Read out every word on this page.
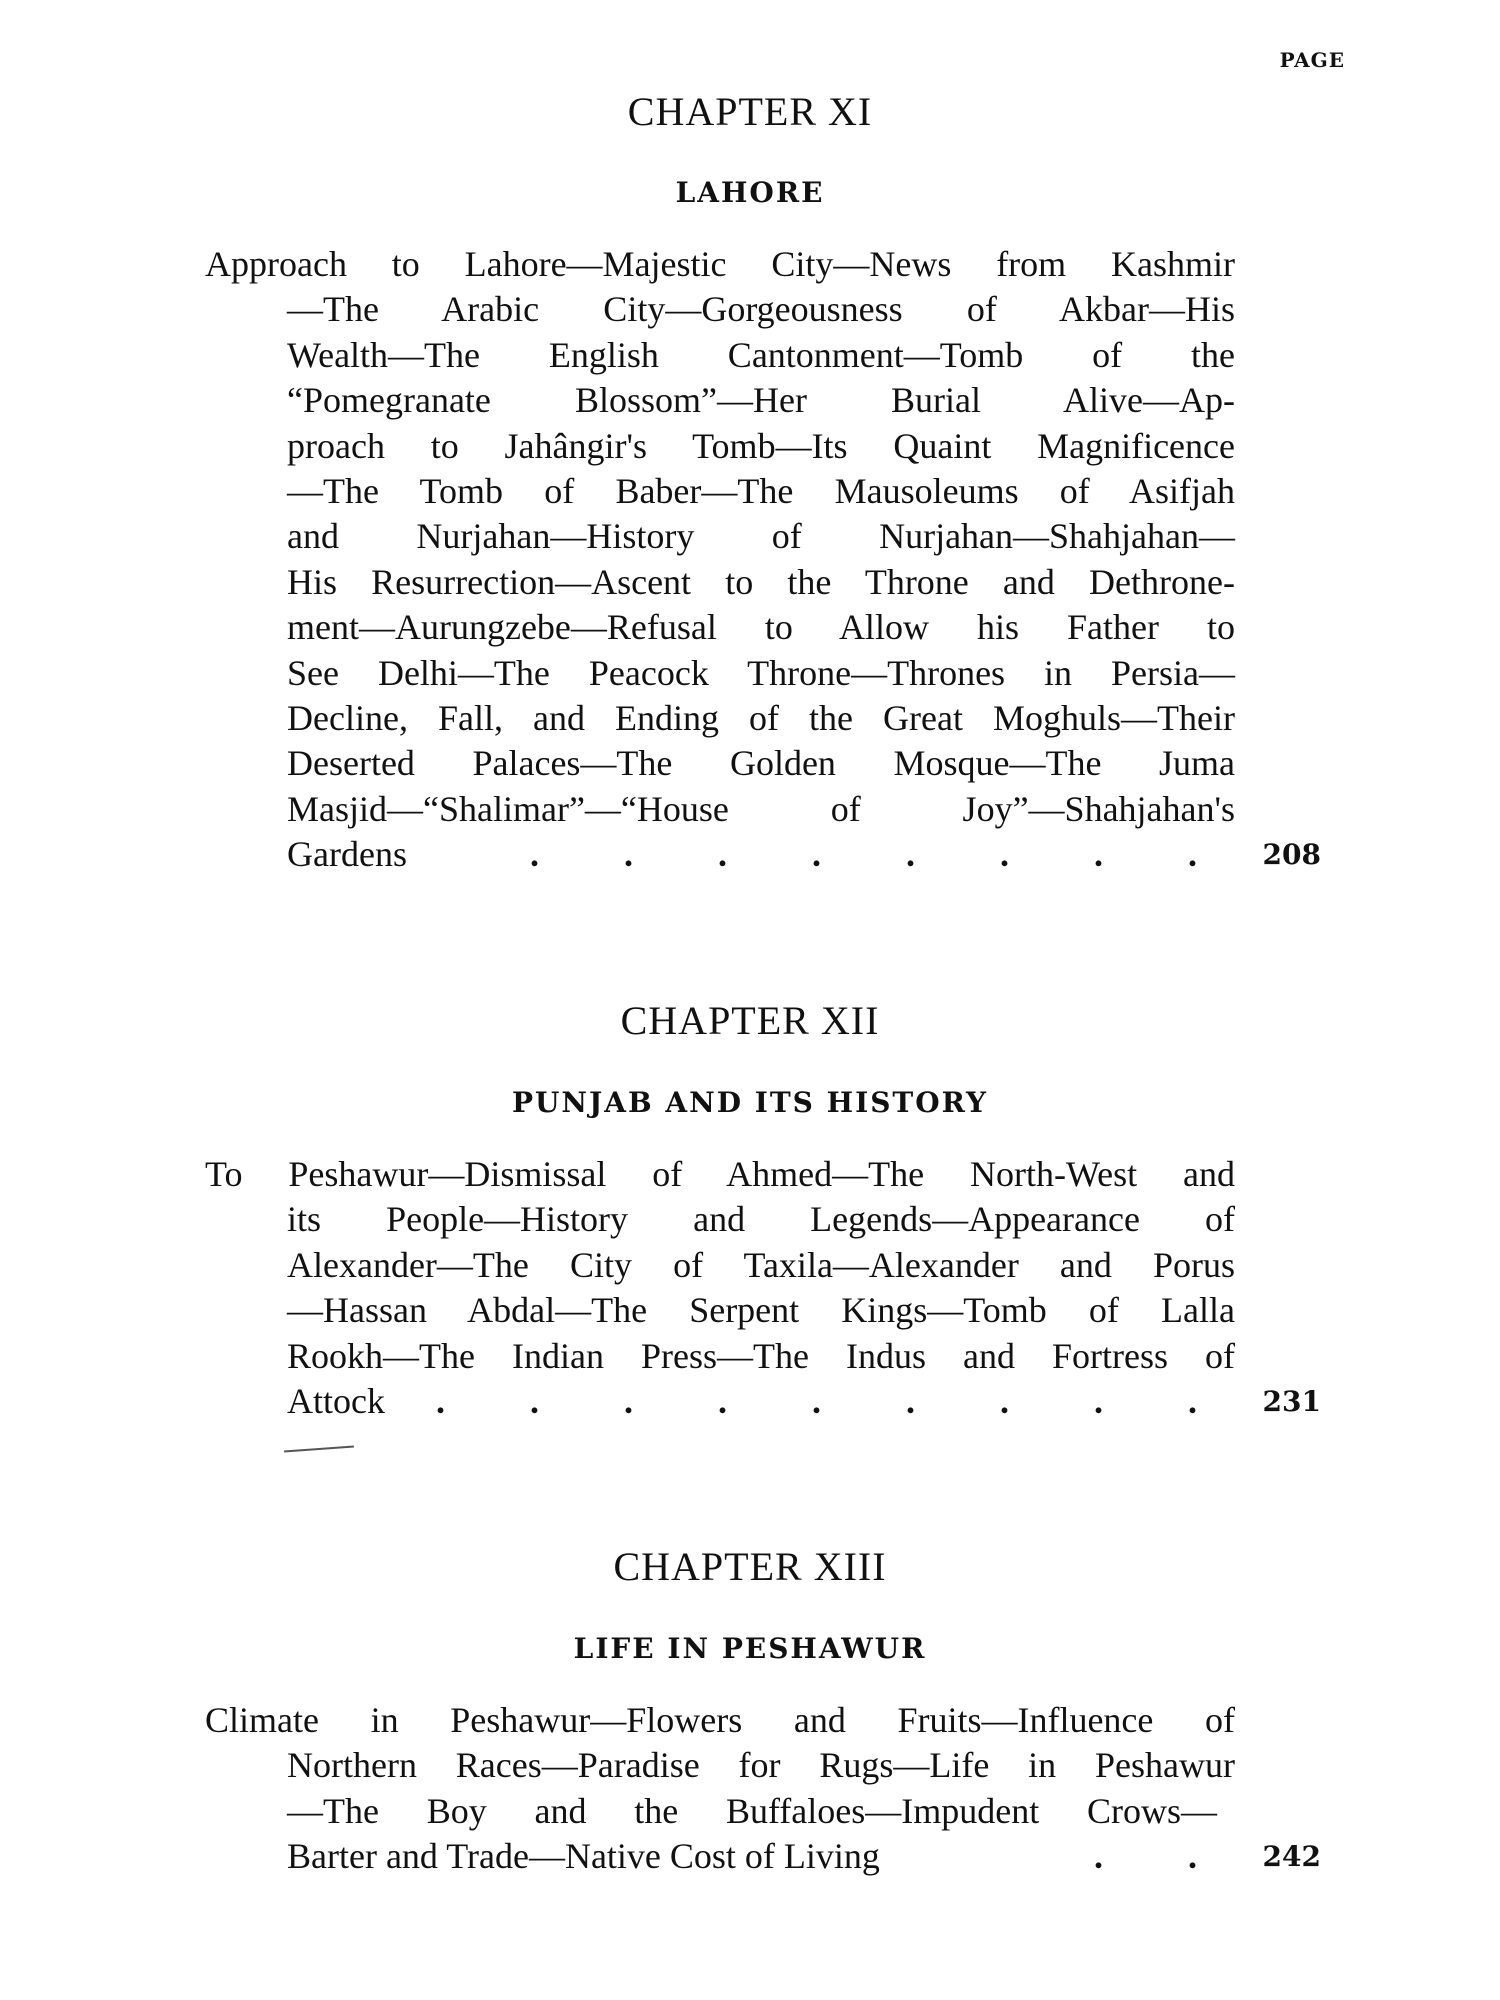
PAGE
CHAPTER XI
LAHORE
Approach to Lahore—Majestic City—News from Kashmir
—The Arabic City—Gorgeousness of Akbar—His
Wealth—The English Cantonment—Tomb of the
“Pomegranate Blossom”—Her Burial Alive—Ap-
proach to Jahângir's Tomb—Its Quaint Magnificence
—The Tomb of Baber—The Mausoleums of Asifjah
and Nurjahan—History of Nurjahan—Shahjahan—
His Resurrection—Ascent to the Throne and Dethrone-
ment—Aurungzebe—Refusal to Allow his Father to
See Delhi—The Peacock Throne—Thrones in Persia—
Decline, Fall, and Ending of the Great Moghuls—Their
Deserted Palaces—The Golden Mosque—The Juma
Masjid—“Shalimar”—“House of Joy”—Shahjahan's
Gardens	. . . . . . . . 208
CHAPTER XII
PUNJAB AND ITS HISTORY
To Peshawur—Dismissal of Ahmed—The North-West and
its People—History and Legends—Appearance of
Alexander—The City of Taxila—Alexander and Porus
—Hassan Abdal—The Serpent Kings—Tomb of Lalla
Rookh—The Indian Press—The Indus and Fortress of
Attock	. . . . . . . . . 231
CHAPTER XIII
LIFE IN PESHAWUR
Climate in Peshawur—Flowers and Fruits—Influence of
Northern Races—Paradise for Rugs—Life in Peshawur
—The Boy and the Buffaloes—Impudent Crows—
Barter and Trade—Native Cost of Living	. . 242
